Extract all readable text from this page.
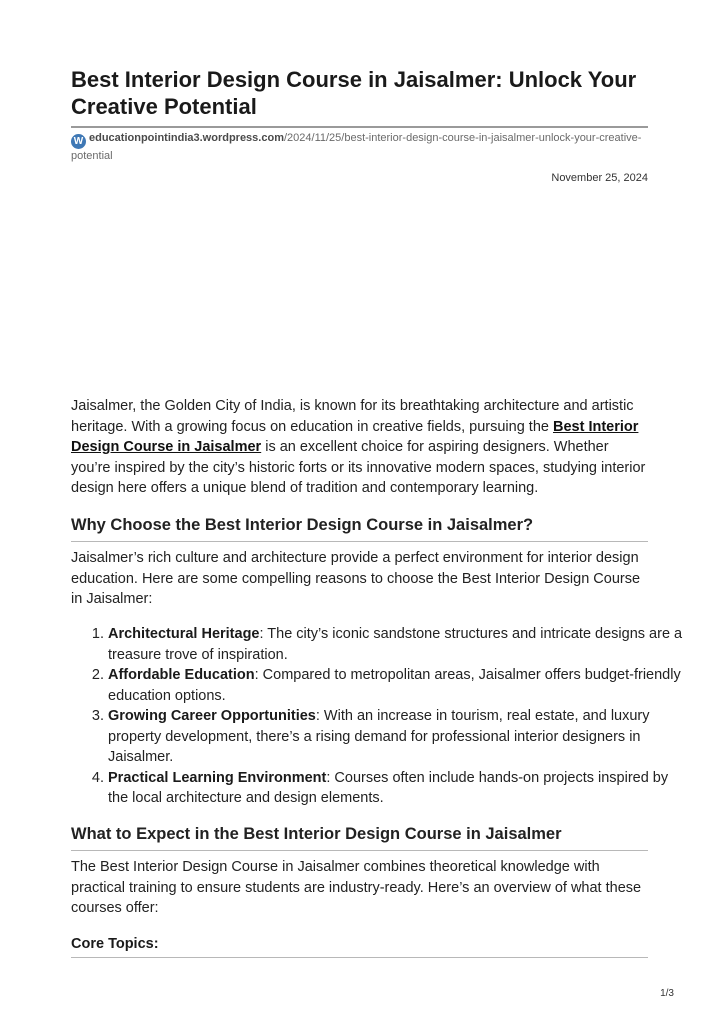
Best Interior Design Course in Jaisalmer: Unlock Your Creative Potential
W educationpointindia3.wordpress.com/2024/11/25/best-interior-design-course-in-jaisalmer-unlock-your-creative-potential
November 25, 2024

Jaisalmer, the Golden City of India, is known for its breathtaking architecture and artistic heritage. With a growing focus on education in creative fields, pursuing the Best Interior Design Course in Jaisalmer is an excellent choice for aspiring designers. Whether you’re inspired by the city’s historic forts or its innovative modern spaces, studying interior design here offers a unique blend of tradition and contemporary learning.

Why Choose the Best Interior Design Course in Jaisalmer?

Jaisalmer’s rich culture and architecture provide a perfect environment for interior design education. Here are some compelling reasons to choose the Best Interior Design Course in Jaisalmer:

1. Architectural Heritage: The city’s iconic sandstone structures and intricate designs are a treasure trove of inspiration.
2. Affordable Education: Compared to metropolitan areas, Jaisalmer offers budget-friendly education options.
3. Growing Career Opportunities: With an increase in tourism, real estate, and luxury property development, there’s a rising demand for professional interior designers in Jaisalmer.
4. Practical Learning Environment: Courses often include hands-on projects inspired by the local architecture and design elements.
What to Expect in the Best Interior Design Course in Jaisalmer

The Best Interior Design Course in Jaisalmer combines theoretical knowledge with practical training to ensure students are industry-ready. Here’s an overview of what these courses offer:

Core Topics:
1/3
